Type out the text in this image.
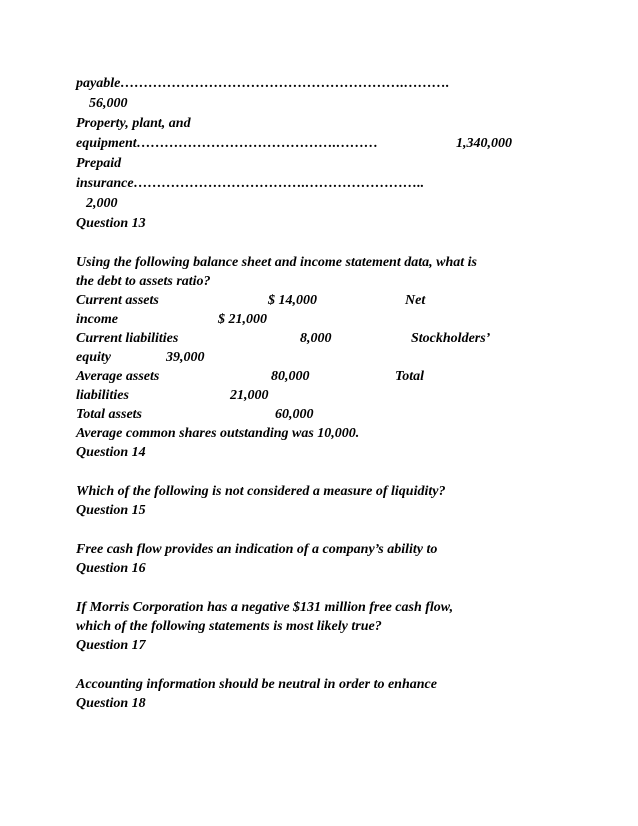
payable…………………………………………………….……….
56,000
Property, plant, and
equipment…………………………………….………	1,340,000
Prepaid
insurance……………………………….……………………..
2,000
Question 13
Using the following balance sheet and income statement data, what is
the debt to assets ratio?
Current assets	$ 14,000	Net
income	$ 21,000
Current liabilities	8,000	Stockholders’
equity	39,000
Average assets	80,000	Total
liabilities	21,000
Total assets	60,000
Average common shares outstanding was 10,000.
Question 14
Which of the following is not considered a measure of liquidity?
Question 15
Free cash flow provides an indication of a company’s ability to
Question 16
If Morris Corporation has a negative $131 million free cash flow,
which of the following statements is most likely true?
Question 17
Accounting information should be neutral in order to enhance
Question 18
